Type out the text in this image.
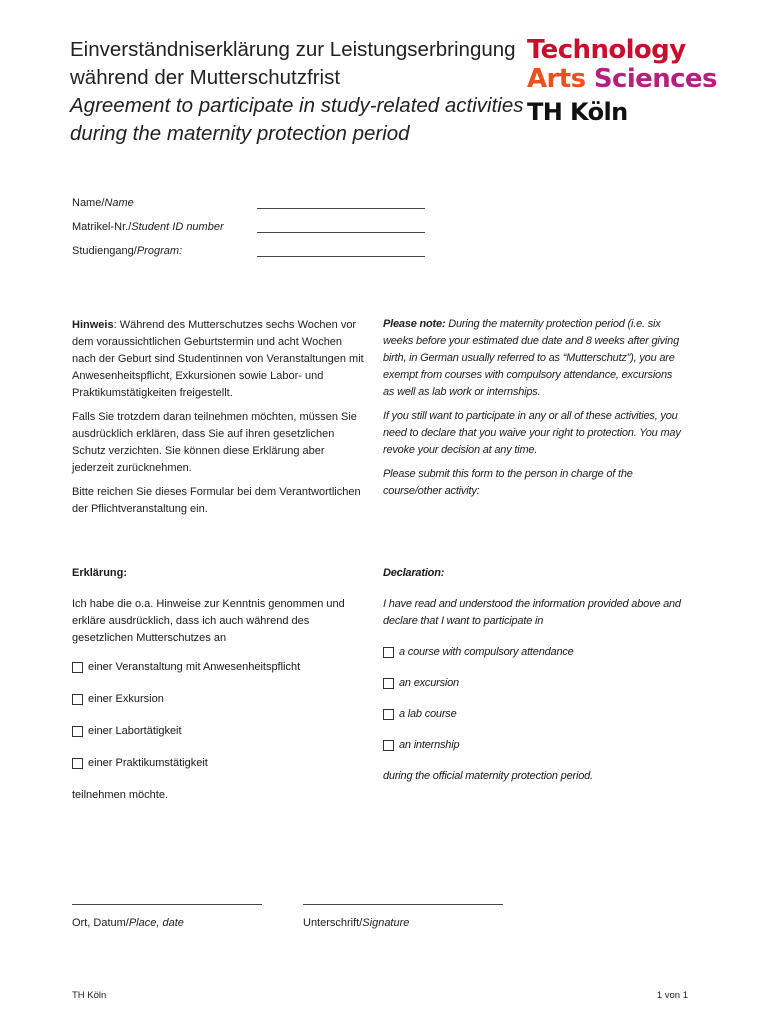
Einverständniserklärung zur Leistungserbringung
während der Mutterschutzfrist
Agreement to participate in study-related activities
during the maternity protection period
Technology
Arts Sciences
TH Köln
Name/Name
Matrikel-Nr./Student ID number
Studiengang/Program:

Hinweis: Während des Mutterschutzes sechs Wochen vor dem voraussichtlichen Geburtstermin und acht Wochen nach der Geburt sind Studentinnen von Veranstaltungen mit Anwesenheitspflicht, Exkursionen sowie Labor- und Praktikumstätigkeiten freigestellt.

Falls Sie trotzdem daran teilnehmen möchten, müssen Sie ausdrücklich erklären, dass Sie auf ihren gesetzlichen Schutz verzichten. Sie können diese Erklärung aber jederzeit zurücknehmen.

Bitte reichen Sie dieses Formular bei dem Verantwortlichen der Pflichtveranstaltung ein.

Please note: During the maternity protection period (i.e. six weeks before your estimated due date and 8 weeks after giving birth, in German usually referred to as “Mutterschutz”), you are exempt from courses with compulsory attendance, excursions as well as lab work or internships.

If you still want to participate in any or all of these activities, you need to declare that you waive your right to protection. You may revoke your decision at any time.

Please submit this form to the person in charge of the course/other activity:

Erklärung:
Ich habe die o.a. Hinweise zur Kenntnis genommen und erkläre ausdrücklich, dass ich auch während des gesetzlichen Mutterschutzes an
einer Veranstaltung mit Anwesenheitspflicht
einer Exkursion
einer Labortätigkeit
einer Praktikumstätigkeit
teilnehmen möchte.
Declaration:
I have read and understood the information provided above and declare that I want to participate in
a course with compulsory attendance
an excursion
a lab course
an internship
during the official maternity protection period.
Ort, Datum/Place, date	Unterschrift/Signature
TH Köln	1 von 1
